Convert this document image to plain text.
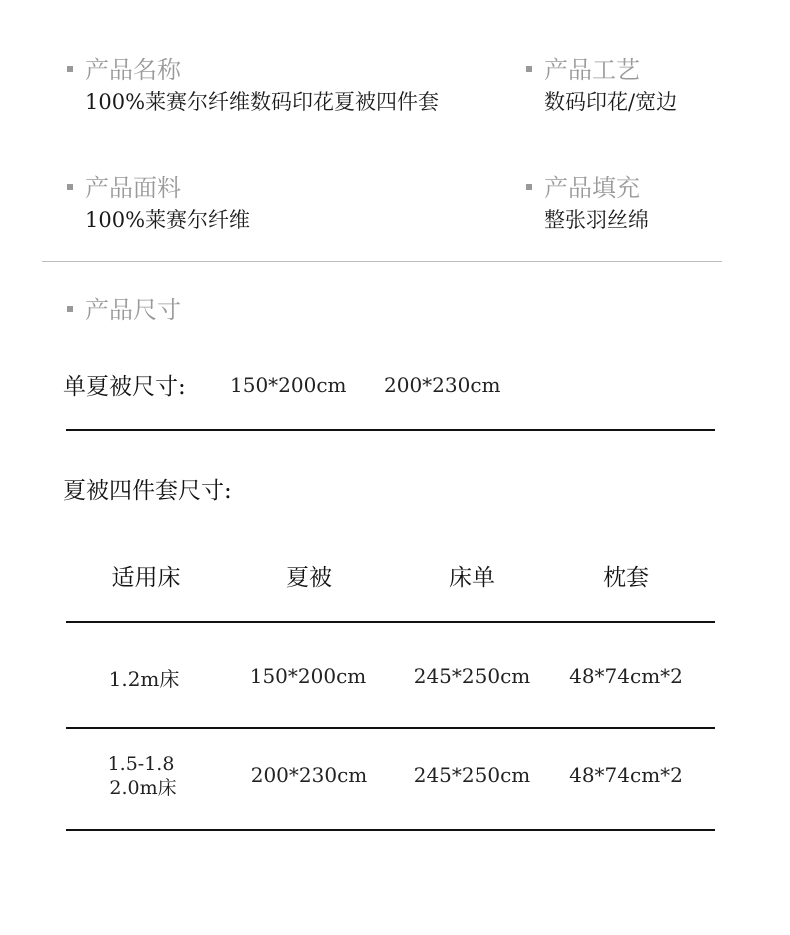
产品名称
100%莱赛尔纤维数码印花夏被四件套
产品工艺
数码印花/宽边
产品面料
100%莱赛尔纤维
产品填充
整张羽丝绵
产品尺寸
单夏被尺寸: 150*200cm 200*230cm
夏被四件套尺寸:
适用床	夏被	床单	枕套
1.2m床	150*200cm	245*250cm	48*74cm*2
1.5-1.8
2.0m床
200*230cm	245*250cm	48*74cm*2
